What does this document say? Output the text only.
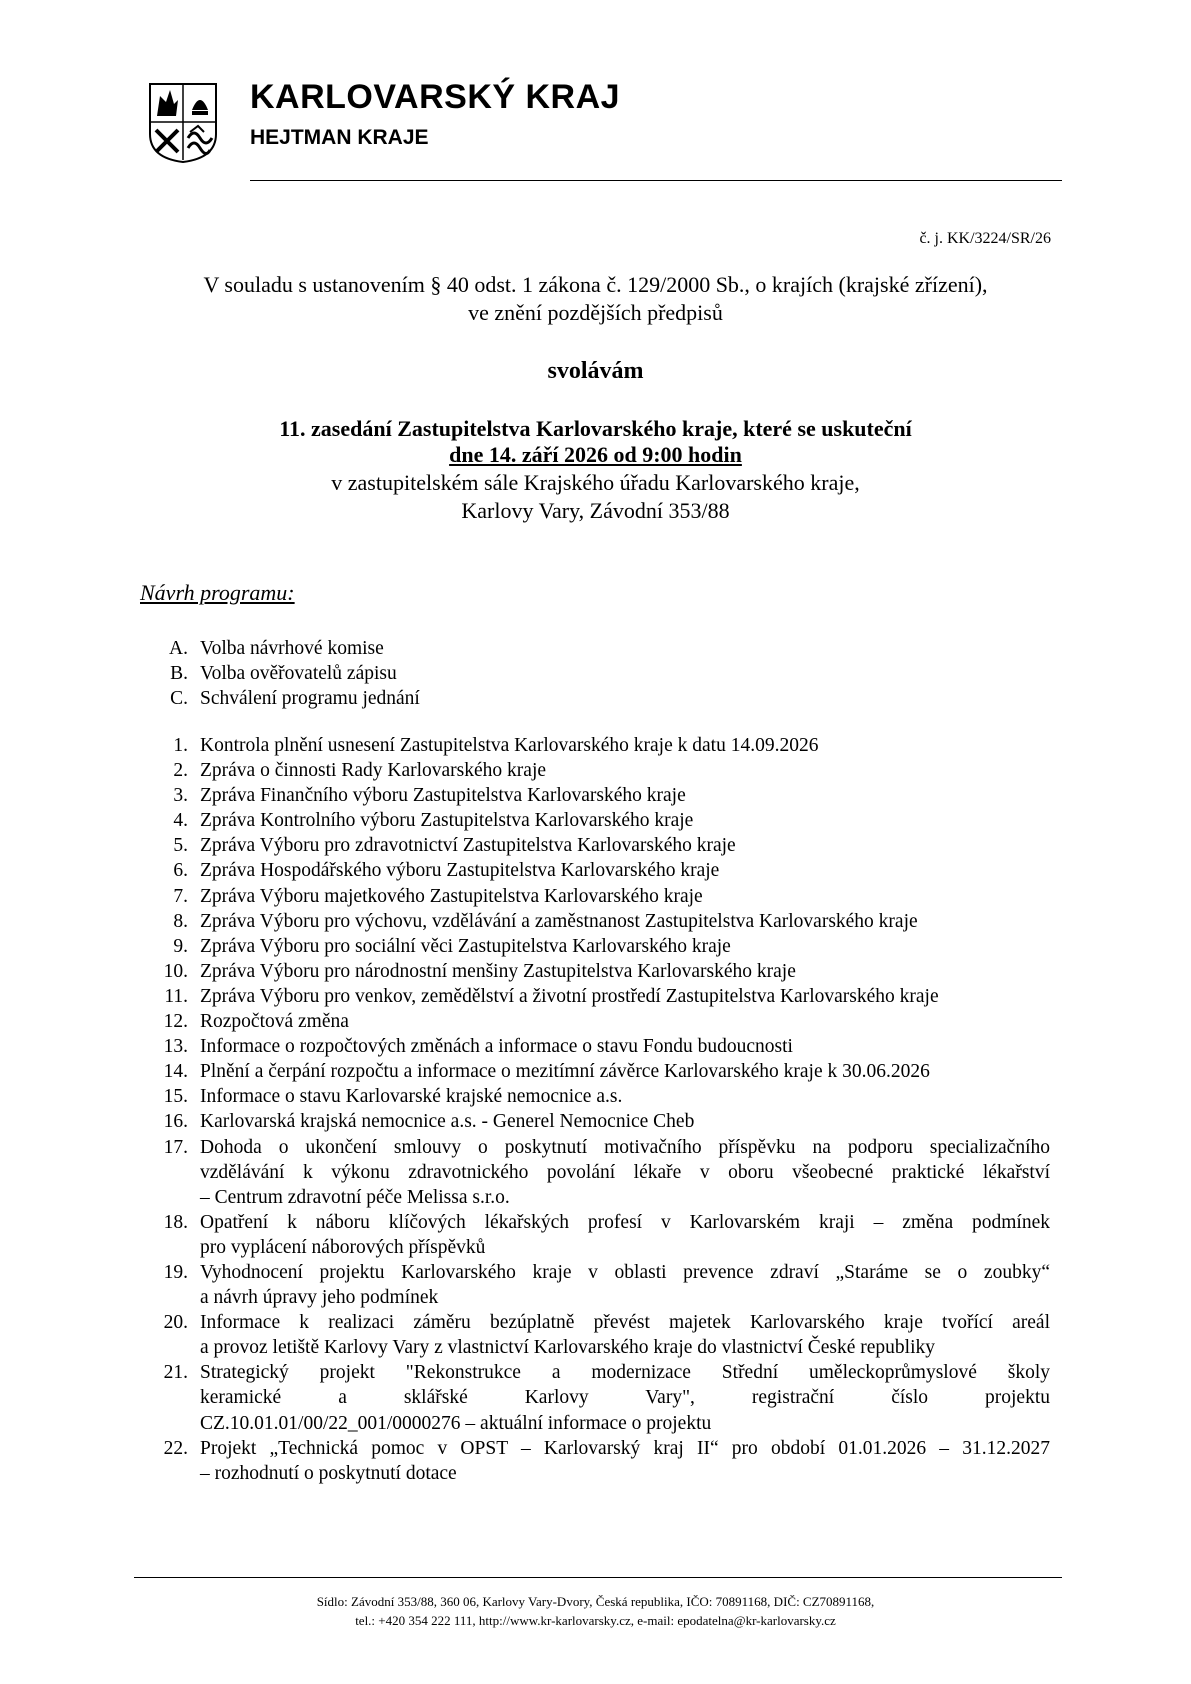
KARLOVARSKÝ KRAJ
HEJTMAN KRAJE
č. j. KK/3224/SR/26
V souladu s ustanovením § 40 odst. 1 zákona č. 129/2000 Sb., o krajích (krajské zřízení),
ve znění pozdějších předpisů
svolávám
11. zasedání Zastupitelstva Karlovarského kraje, které se uskuteční
dne 14. září 2026 od 9:00 hodin
v zastupitelském sále Krajského úřadu Karlovarského kraje,
Karlovy Vary, Závodní 353/88
Návrh programu:
A. Volba návrhové komise
B. Volba ověřovatelů zápisu
C. Schválení programu jednání
1. Kontrola plnění usnesení Zastupitelstva Karlovarského kraje k datu 14.09.2026
2. Zpráva o činnosti Rady Karlovarského kraje
3. Zpráva Finančního výboru Zastupitelstva Karlovarského kraje
4. Zpráva Kontrolního výboru Zastupitelstva Karlovarského kraje
5. Zpráva Výboru pro zdravotnictví Zastupitelstva Karlovarského kraje
6. Zpráva Hospodářského výboru Zastupitelstva Karlovarského kraje
7. Zpráva Výboru majetkového Zastupitelstva Karlovarského kraje
8. Zpráva Výboru pro výchovu, vzdělávání a zaměstnanost Zastupitelstva Karlovarského kraje
9. Zpráva Výboru pro sociální věci Zastupitelstva Karlovarského kraje
10. Zpráva Výboru pro národnostní menšiny Zastupitelstva Karlovarského kraje
11. Zpráva Výboru pro venkov, zemědělství a životní prostředí Zastupitelstva Karlovarského kraje
12. Rozpočtová změna
13. Informace o rozpočtových změnách a informace o stavu Fondu budoucnosti
14. Plnění a čerpání rozpočtu a informace o mezitímní závěrce Karlovarského kraje k 30.06.2026
15. Informace o stavu Karlovarské krajské nemocnice a.s.
16. Karlovarská krajská nemocnice a.s. - Generel Nemocnice Cheb
17. Dohoda o ukončení smlouvy o poskytnutí motivačního příspěvku na podporu specializačního
vzdělávání k výkonu zdravotnického povolání lékaře v oboru všeobecné praktické lékařství
– Centrum zdravotní péče Melissa s.r.o.
18. Opatření k náboru klíčových lékařských profesí v Karlovarském kraji – změna podmínek
pro vyplácení náborových příspěvků
19. Vyhodnocení projektu Karlovarského kraje v oblasti prevence zdraví „Staráme se o zoubky“
a návrh úpravy jeho podmínek
20. Informace k realizaci záměru bezúplatně převést majetek Karlovarského kraje tvořící areál
a provoz letiště Karlovy Vary z vlastnictví Karlovarského kraje do vlastnictví České republiky
21. Strategický projekt "Rekonstrukce a modernizace Střední uměleckoprůmyslové školy
keramické a sklářské Karlovy Vary", registrační číslo projektu
CZ.10.01.01/00/22_001/0000276 – aktuální informace o projektu
22. Projekt „Technická pomoc v OPST – Karlovarský kraj II“ pro období 01.01.2026 – 31.12.2027
– rozhodnutí o poskytnutí dotace
Sídlo: Závodní 353/88, 360 06, Karlovy Vary-Dvory, Česká republika, IČO: 70891168, DIČ: CZ70891168,
tel.: +420 354 222 111, http://www.kr-karlovarsky.cz, e-mail: epodatelna@kr-karlovarsky.cz
